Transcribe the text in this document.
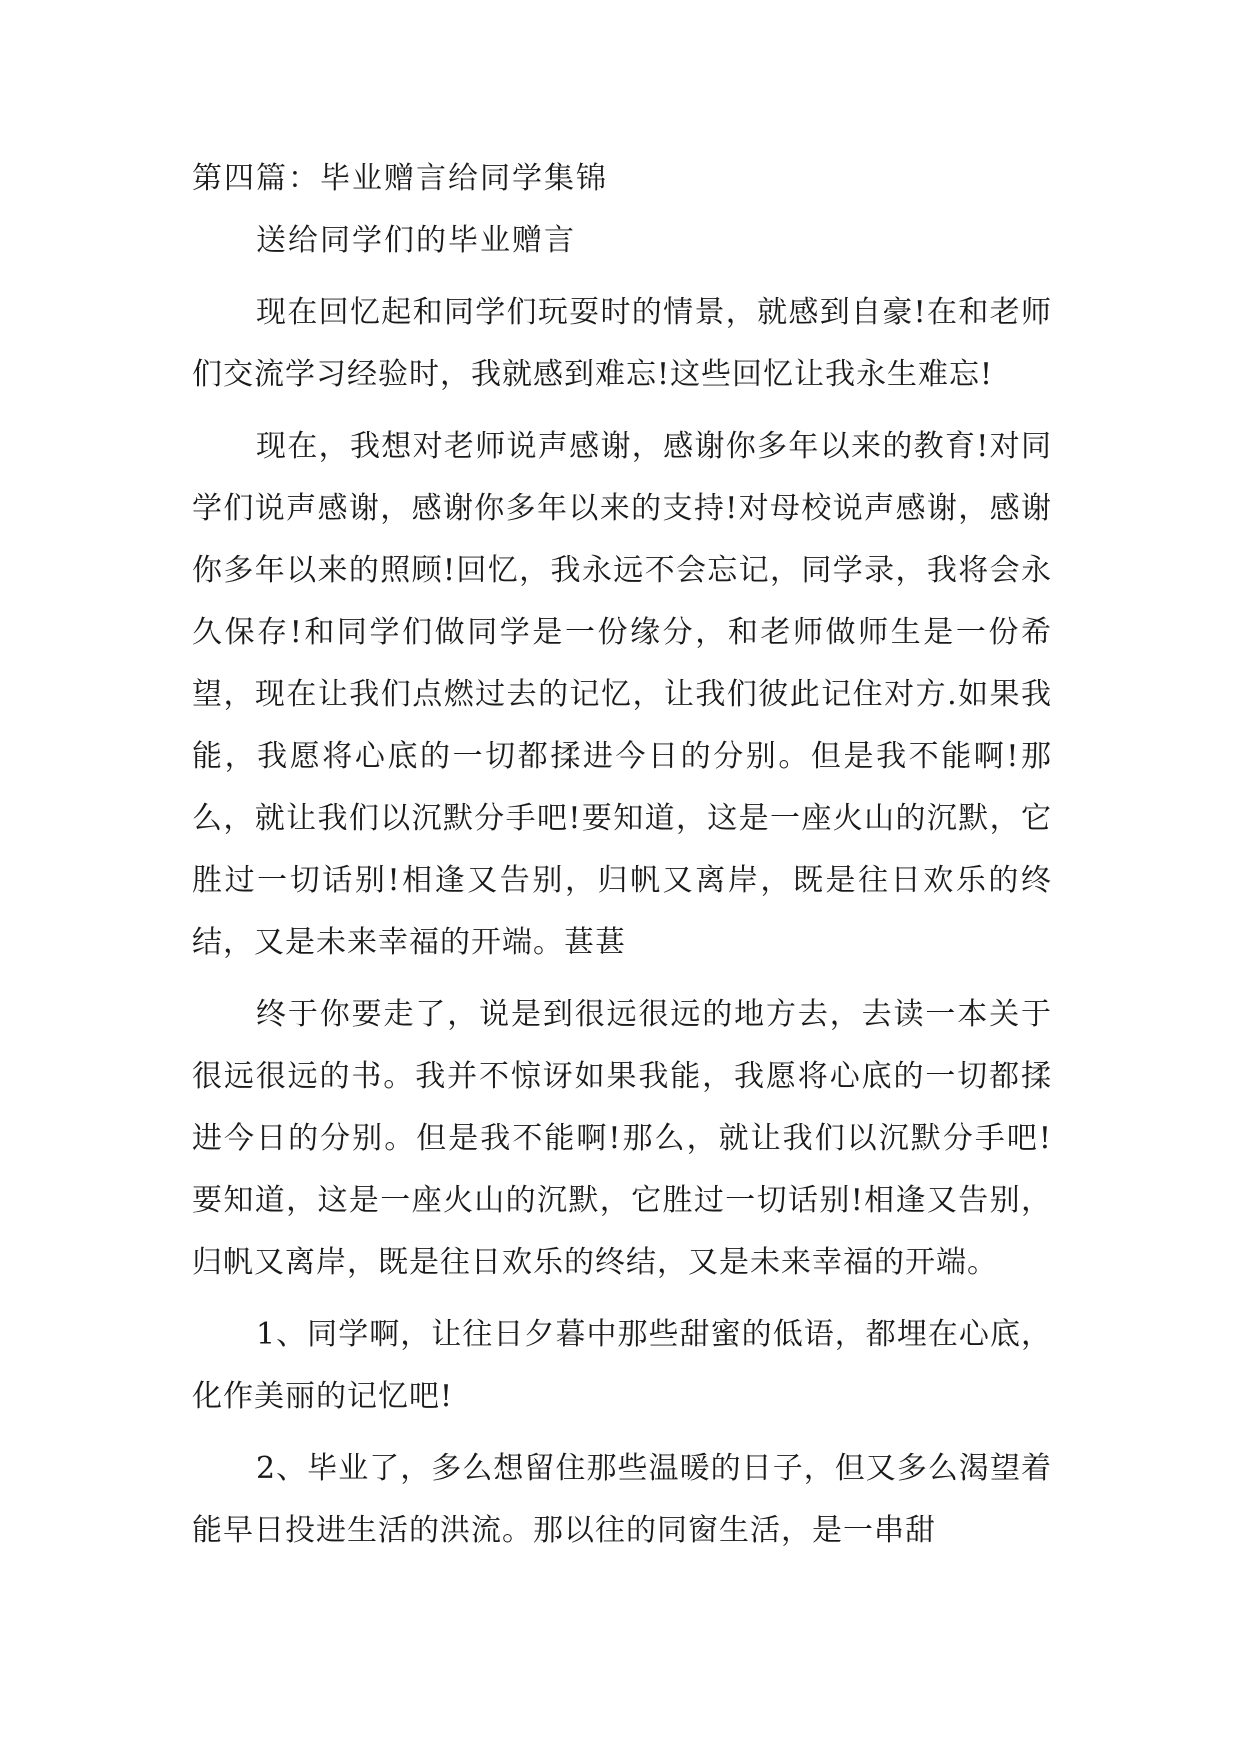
第四篇：毕业赠言给同学集锦
送给同学们的毕业赠言

现在回忆起和同学们玩耍时的情景，就感到自豪!在和老师们交流学习经验时，我就感到难忘!这些回忆让我永生难忘!

现在，我想对老师说声感谢，感谢你多年以来的教育!对同学们说声感谢，感谢你多年以来的支持!对母校说声感谢，感谢你多年以来的照顾!回忆，我永远不会忘记，同学录，我将会永久保存!和同学们做同学是一份缘分，和老师做师生是一份希望，现在让我们点燃过去的记忆，让我们彼此记住对方.如果我能，我愿将心底的一切都揉进今日的分别。但是我不能啊!那么，就让我们以沉默分手吧!要知道，这是一座火山的沉默，它胜过一切话别!相逢又告别，归帆又离岸，既是往日欢乐的终结，又是未来幸福的开端。葚葚

终于你要走了，说是到很远很远的地方去，去读一本关于很远很远的书。我并不惊讶如果我能，我愿将心底的一切都揉进今日的分别。但是我不能啊!那么，就让我们以沉默分手吧!要知道，这是一座火山的沉默，它胜过一切话别!相逢又告别，归帆又离岸，既是往日欢乐的终结，又是未来幸福的开端。

1、同学啊，让往日夕暮中那些甜蜜的低语，都埋在心底，化作美丽的记忆吧!

2、毕业了，多么想留住那些温暖的日子，但又多么渴望着能早日投进生活的洪流。那以往的同窗生活，是一串甜
